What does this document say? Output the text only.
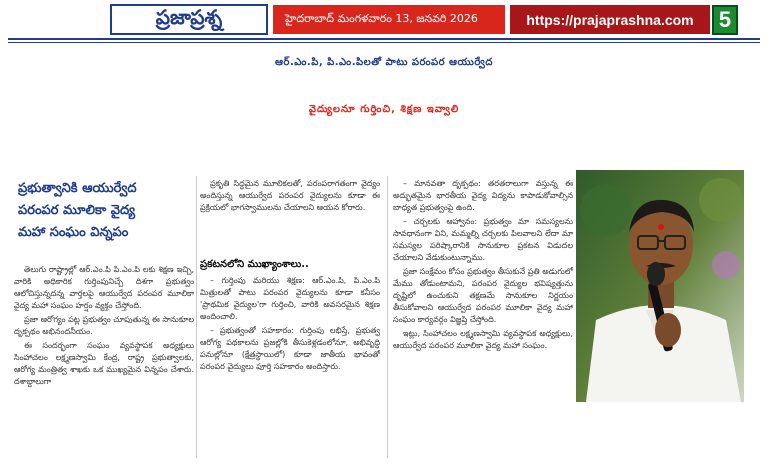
ప్రజాప్రశ్న	హైదరాబాద్ మంగళవారం 13, జనవరి 2026	https://prajaprashna.com	5
ఆర్.ఎం.పి, పి.ఎం.పిలతో పాటు పరంపర ఆయుర్వేద
వైద్యులనూ గుర్తించి, శిక్షణ ఇవ్వాలి
ప్రభుత్వానికి ఆయుర్వేద
పరంపర మూలికా వైద్య
మహా సంఘం విన్నపం

తెలుగు రాష్ట్రాల్లో ఆర్.ఎం.పి పి.ఎం.పి లకు శిక్షణ ఇచ్చి, వారికి అధికారిక గుర్తింపునిచ్చే దిశగా ప్రభుత్వం ఆలోచిస్తున్నదన్న వార్తలపై ఆయుర్వేద పరంపర మూలికా వైద్య మహా సంఘం హర్షం వ్యక్తం చేస్తోంది.

ప్రజా ఆరోగ్యం పట్ల ప్రభుత్వం చూపుతున్న ఈ సానుకూల దృక్పథం అభినందనీయం.

ఈ సందర్భంగా సంఘం వ్యవస్థాపక అధ్యక్షులు సింహాచలం లక్ష్మణస్వామి కేంద్ర, రాష్ట్ర ప్రభుత్వాలకు, ఆరోగ్య మంత్రిత్వ శాఖకు ఒక ముఖ్యమైన విన్నపం చేశారు. దశాబ్దాలుగా

ప్రకృతి సిద్ధమైన మూలికలతో, పరంపరాగతంగా వైద్యం అందిస్తున్న ఆయుర్వేద పరంపర వైద్యులను కూడా ఈ ప్రక్రియలో భాగస్వాములను చేయాలని ఆయన కోరారు.

ప్రకటనలోని ముఖ్యాంశాలు..

– గుర్తింపు మరియు శిక్షణ: ఆర్.ఎం.పి, పి.ఎం.పి మిత్రులతో పాటు పరంపర వైద్యులను కూడా కనీసం 'ప్రాథమిక వైద్యుల'గా గుర్తించి, వారికి అవసరమైన శిక్షణ అందించాలి.

– ప్రభుత్వంతో సహకారం: గుర్తింపు లభిస్తే, ప్రభుత్వ ఆరోగ్య పథకాలను ప్రజల్లోకి తీసుకెళ్లడంలోనూ, అభివృద్ధి పనుల్లోనూ (క్షేత్రస్థాయిలో) కూడా జాతీయ భావంతో పరంపర వైద్యులు పూర్తి సహకారం అందిస్తారు.

– మానవతా దృక్పథం: తరతరాలుగా వస్తున్న ఈ అద్భుతమైన భారతీయ వైద్య విద్యను కాపాడుకోవాల్సిన బాధ్యత ప్రభుత్వంపై ఉంది.

– చర్చలకు ఆహ్వానం: ప్రభుత్వం మా సమస్యలను సావధానంగా విని, మమ్మల్ని చర్చలకు పిలవాలని లేదా మా సమస్యల పరిష్కారానికి సానుకూల ప్రకటన విడుదల చేయాలని వేడుకుంటున్నాము.

ప్రజా సంక్షేమం కోసం ప్రభుత్వం తీసుకునే ప్రతి అడుగులో మేము తోడుంటామని, పరంపర వైద్యుల భవిష్యత్తును దృష్టిలో ఉంచుకుని తక్షణమే సానుకూల నిర్ణయం తీసుకోవాలని ఆయుర్వేద పరంపర మూలికా వైద్య మహా సంఘం కార్యవర్గం విజ్ఞప్తి చేస్తోంది.

ఇట్లు, సింహాచలం లక్ష్మణస్వామి వ్యవస్థాపక అధ్యక్షులు, ఆయుర్వేద పరంపర మూలికా వైద్య మహా సంఘం.
